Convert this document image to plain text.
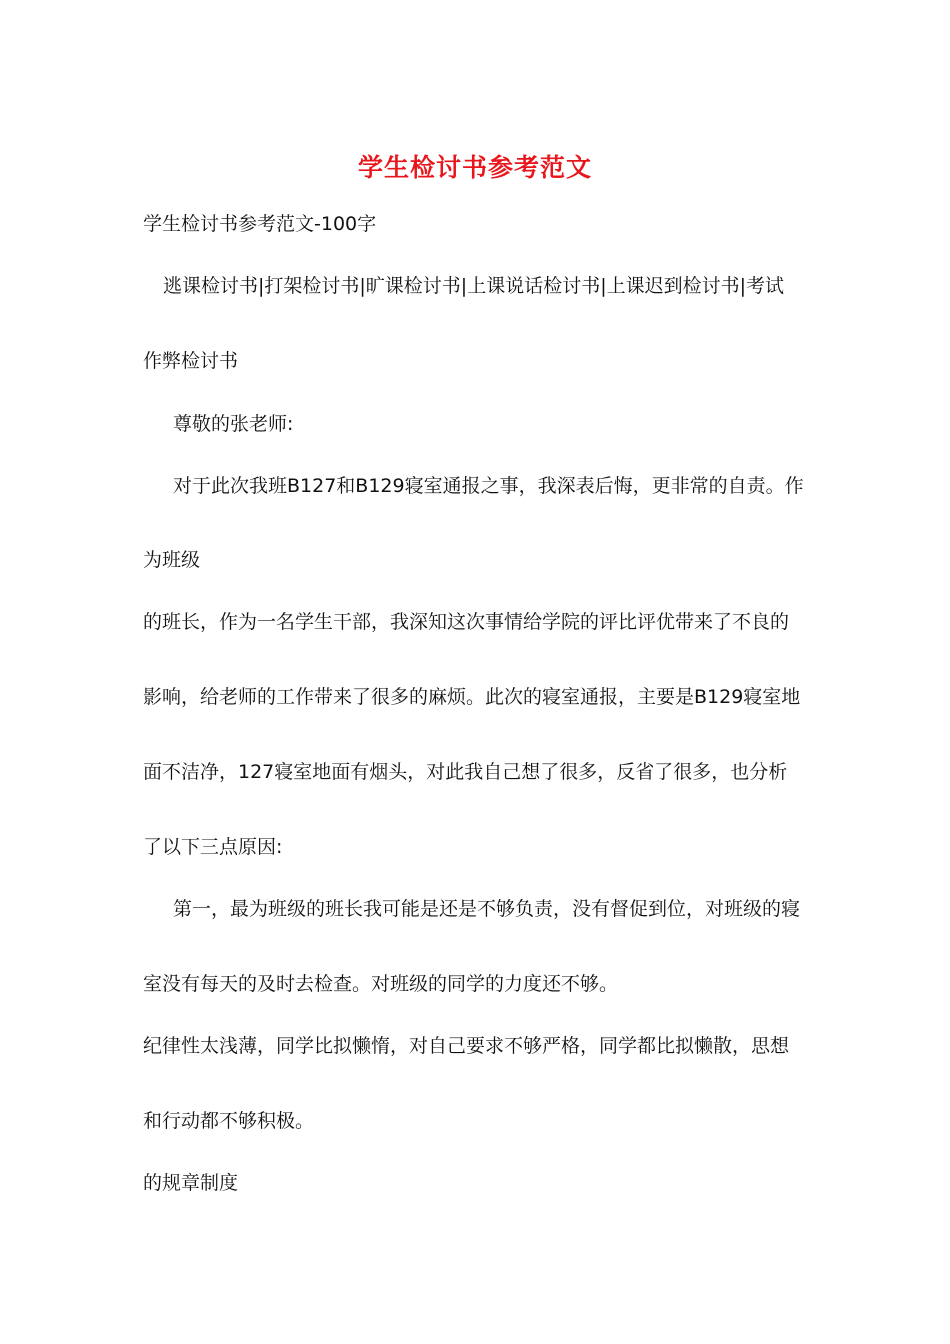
学生检讨书参考范文
学生检讨书参考范文-100字
逃课检讨书|打架检讨书|旷课检讨书|上课说话检讨书|上课迟到检讨书|考试
作弊检讨书
尊敬的张老师:
对于此次我班B127和B129寝室通报之事，我深表后悔，更非常的自责。作
为班级
的班长，作为一名学生干部，我深知这次事情给学院的评比评优带来了不良的
影响，给老师的工作带来了很多的麻烦。此次的寝室通报，主要是B129寝室地
面不洁净，127寝室地面有烟头，对此我自己想了很多，反省了很多，也分析
了以下三点原因:
第一，最为班级的班长我可能是还是不够负责，没有督促到位，对班级的寝
室没有每天的及时去检查。对班级的同学的力度还不够。
纪律性太浅薄，同学比拟懒惰，对自己要求不够严格，同学都比拟懒散，思想
和行动都不够积极。
的规章制度
